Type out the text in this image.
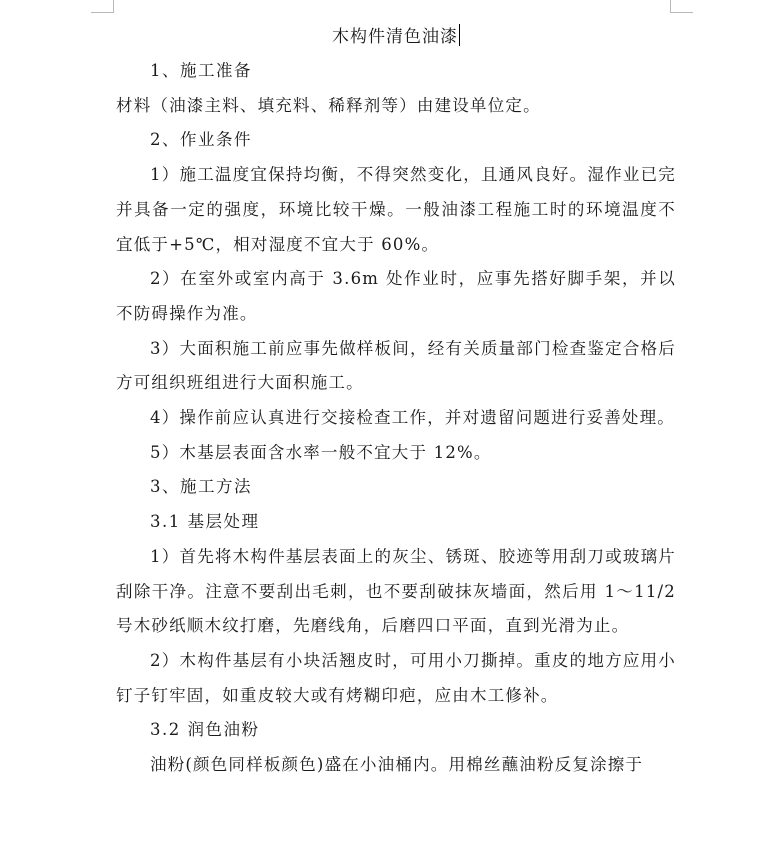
木构件清色油漆

1、施工准备

材料（油漆主料、填充料、稀释剂等）由建设单位定。

2、作业条件

1）施工温度宜保持均衡，不得突然变化，且通风良好。湿作业已完并具备一定的强度，环境比较干燥。一般油漆工程施工时的环境温度不宜低于+5℃，相对湿度不宜大于 60%。

2）在室外或室内高于 3.6m 处作业时，应事先搭好脚手架，并以不防碍操作为准。

3）大面积施工前应事先做样板间，经有关质量部门检查鉴定合格后方可组织班组进行大面积施工。

4）操作前应认真进行交接检查工作，并对遗留问题进行妥善处理。

5）木基层表面含水率一般不宜大于 12%。

3、施工方法

3.1 基层处理

1）首先将木构件基层表面上的灰尘、锈斑、胶迹等用刮刀或玻璃片刮除干净。注意不要刮出毛刺，也不要刮破抹灰墙面，然后用 1～11/2 号木砂纸顺木纹打磨，先磨线角，后磨四口平面，直到光滑为止。

2）木构件基层有小块活翘皮时，可用小刀撕掉。重皮的地方应用小钉子钉牢固，如重皮较大或有烤糊印疤，应由木工修补。

3.2 润色油粉

油粉(颜色同样板颜色)盛在小油桶内。用棉丝蘸油粉反复涂擦于
